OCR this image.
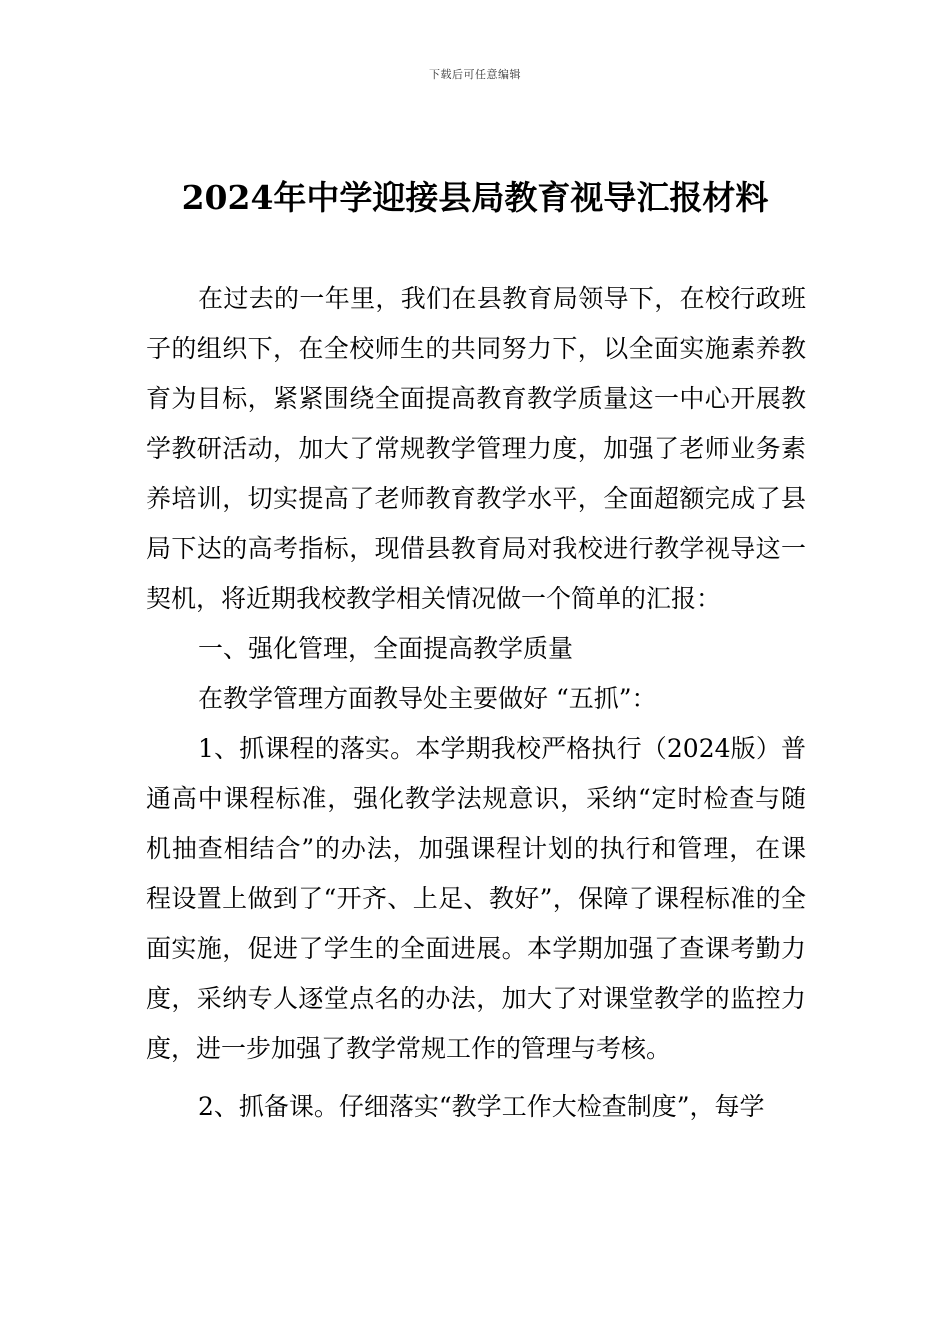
下载后可任意编辑
2024年中学迎接县局教育视导汇报材料

在过去的一年里，我们在县教育局领导下，在校行政班子的组织下，在全校师生的共同努力下，以全面实施素养教育为目标，紧紧围绕全面提高教育教学质量这一中心开展教学教研活动，加大了常规教学管理力度，加强了老师业务素养培训，切实提高了老师教育教学水平，全面超额完成了县局下达的高考指标，现借县教育局对我校进行教学视导这一契机，将近期我校教学相关情况做一个简单的汇报：

一、强化管理，全面提高教学质量

在教学管理方面教导处主要做好 “五抓”：

1、抓课程的落实。本学期我校严格执行（2024版）普通高中课程标准，强化教学法规意识，采纳“定时检查与随机抽查相结合”的办法，加强课程计划的执行和管理，在课程设置上做到了“开齐、上足、教好”，保障了课程标准的全面实施，促进了学生的全面进展。本学期加强了查课考勤力度，采纳专人逐堂点名的办法，加大了对课堂教学的监控力度，进一步加强了教学常规工作的管理与考核。

2、抓备课。仔细落实“教学工作大检查制度”，每学
